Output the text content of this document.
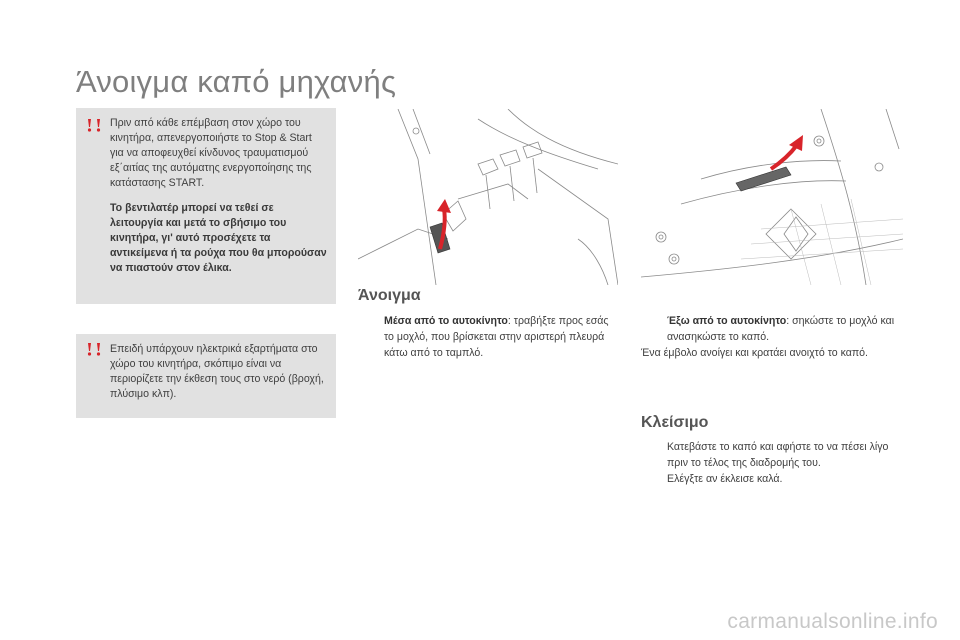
Άνοιγμα καπό μηχανής

Πριν από κάθε επέμβαση στον χώρο του κινητήρα, απενεργοποιήστε το Stop & Start για να αποφευχθεί κίνδυνος τραυματισμού εξ΄αιτίας της αυτόματης ενεργοποίησης της κατάστασης START.

Το βεντιλατέρ μπορεί να τεθεί σε λειτουργία και μετά το σβήσιμο του κινητήρα, γι' αυτό προσέχετε τα αντικείμενα ή τα ρούχα που θα μπορούσαν να πιαστούν στον έλικα.

Επειδή υπάρχουν ηλεκτρικά εξαρτήματα στο χώρο του κινητήρα, σκόπιμο είναι να περιορίζετε την έκθεση τους στο νερό (βροχή, πλύσιμο κλπ).

Άνοιγμα
Μέσα από το αυτοκίνητο: τραβήξτε προς εσάς το μοχλό, που βρίσκεται στην αριστερή πλευρά κάτω από το ταμπλό.
Έξω από το αυτοκίνητο: σηκώστε το μοχλό και ανασηκώστε το καπό.
Ένα έμβολο ανοίγει και κρατάει ανοιχτό το καπό.
Κλείσιμο
Κατεβάστε το καπό και αφήστε το να πέσει λίγο πριν το τέλος της διαδρομής του.
Ελέγξτε αν έκλεισε καλά.
carmanualsonline.info
